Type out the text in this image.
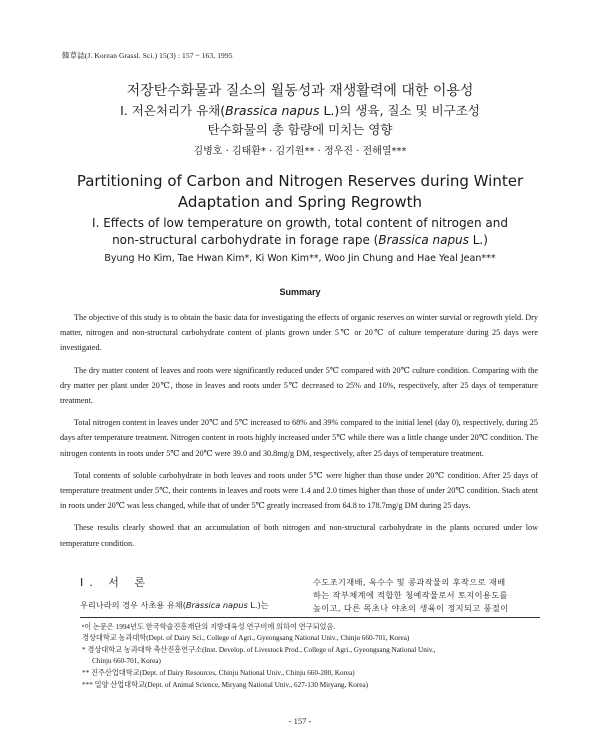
韓草誌(J. Korean Grassl. Sci.) 15(3) : 157 ~ 163, 1995
저장탄수화물과 질소의 월동성과 재생활력에 대한 이용성
Ⅰ. 저온처리가 유채(Brassica napus L.)의 생육, 질소 및 비구조성
탄수화물의 총 함량에 미치는 영향
김병호 · 김태환* · 김기원** · 정우진 · 전해열***
Partitioning of Carbon and Nitrogen Reserves during Winter
Adaptation and Spring Regrowth
Ⅰ. Effects of low temperature on growth, total content of nitrogen and
non-structural carbohydrate in forage rape (Brassica napus L.)
Byung Ho Kim, Tae Hwan Kim*, Ki Won Kim**, Woo Jin Chung and Hae Yeal Jean***
Summary

The objective of this study is to obtain the basic data for investigating the effects of organic reserves on winter survial or regrowth yield. Dry matter, nitrogen and non-structural carbohydrate content of plants grown under 5℃ or 20℃ of culture temperature during 25 days were investigated.

The dry matter content of leaves and roots were significantly reduced under 5℃ compared with 20℃ culture condition. Comparing with the dry matter per plant under 20℃, those in leaves and roots under 5℃ decreased to 25% and 10%, respectively, after 25 days of temperature treatment.

Total nitrogen content in leaves under 20℃ and 5℃ increased to 68% and 39% compared to the initial lenel (day 0), respectively, during 25 days after temperature treatment. Nitrogen content in roots highly increased under 5℃ while there was a little change under 20℃ condition. The nitrogen contents in roots under 5℃ and 20℃ were 39.0 and 30.8mg/g DM, respectively, after 25 days of temperature treatment.

Total contents of soluble carbohydrate in both leaves and roots under 5℃ were higher than those under 20℃ condition. After 25 days of temperature treatment under 5℃, their contents in leaves and roots were 1.4 and 2.0 times higher than those of under 20℃ condition. Stach atent in roots under 20℃ was less changed, while that of under 5℃ greatly increased from 64.8 to 178.7mg/g DM during 25 days.

These results clearly showed that an accumulation of both nitrogen and non-structural carbohydrate in the plants occured under low temperature condition.

Ⅰ. 서 론
우리나라의 경우 사초용 유채(Brassica napus L.)는
수도조기재배, 옥수수 및 콩과작물의 후작으로 재배
하는 작부체계에 적합한 청예작물로서 토지이용도를
높이고, 다른 목초나 야초의 생육이 정지되고 풍절이
ⁿ이 논문은 1994년도 한국학술진흥재단의 지방대육성 연구비에 의하여 연구되었음.
경상대학교 농과대학(Dept. of Dairy Sci., College of Agri., Gyeongsang National Univ., Chinju 660-701, Korea)
* 경상대학교 농과대학 축산진흥연구소(Inst. Develop. of Livestock Prod., College of Agri., Gyeongsang National Univ.,
Chinju 660-701, Korea)
** 진주산업대학교(Dept. of Dairy Resources, Chinju National Univ., Chinju 660-280, Korea)
*** 밀양 산업대학교(Dept. of Animal Science, Miryang National Univ., 627-130 Miryang, Korea)
- 157 -
